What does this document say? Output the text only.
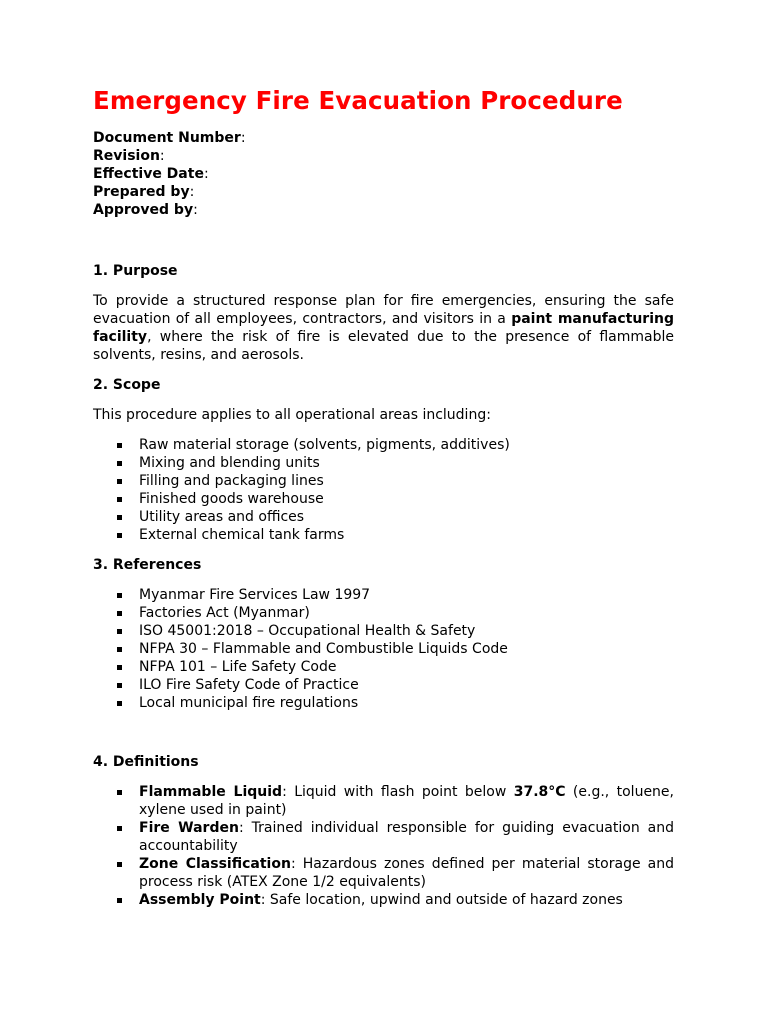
Emergency Fire Evacuation Procedure
Document Number:
Revision:
Effective Date:
Prepared by:
Approved by:
1. Purpose

To provide a structured response plan for fire emergencies, ensuring the safe evacuation of all employees, contractors, and visitors in a paint manufacturing facility, where the risk of fire is elevated due to the presence of flammable solvents, resins, and aerosols.

2. Scope

This procedure applies to all operational areas including:

Raw material storage (solvents, pigments, additives)
Mixing and blending units
Filling and packaging lines
Finished goods warehouse
Utility areas and offices
External chemical tank farms
3. References
Myanmar Fire Services Law 1997
Factories Act (Myanmar)
ISO 45001:2018 – Occupational Health & Safety
NFPA 30 – Flammable and Combustible Liquids Code
NFPA 101 – Life Safety Code
ILO Fire Safety Code of Practice
Local municipal fire regulations
4. Definitions
Flammable Liquid: Liquid with flash point below 37.8°C (e.g., toluene, xylene used in paint)
Fire Warden: Trained individual responsible for guiding evacuation and accountability
Zone Classification: Hazardous zones defined per material storage and process risk (ATEX Zone 1/2 equivalents)
Assembly Point: Safe location, upwind and outside of hazard zones
